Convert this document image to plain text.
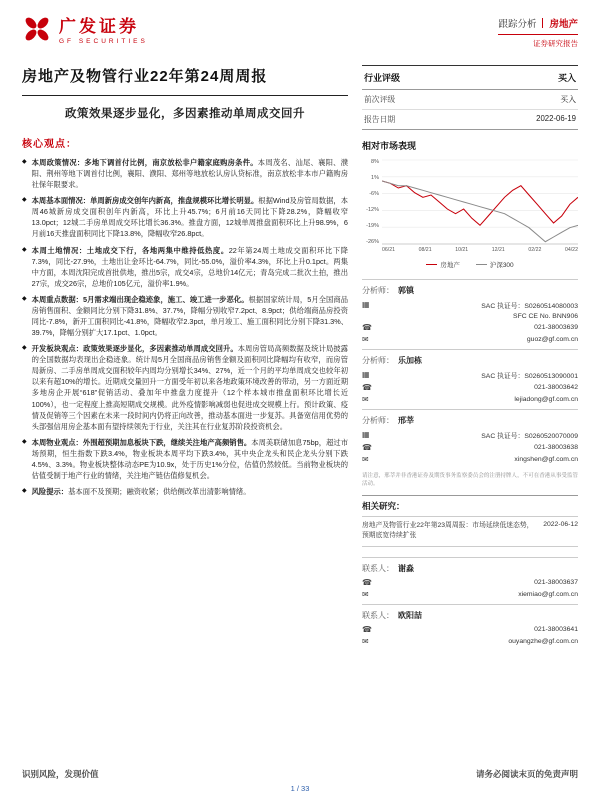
广发证券
GF SECURITIES
跟踪分析 房地产
证券研究报告
房地产及物管行业22年第24周周报
政策效果逐步显化，多因素推动单周成交回升
核心观点：
◆ 本周政策情况：多地下调首付比例，南京放松非户籍家庭购房条件。本周茂名、汕尾、襄阳、濮阳、荆州等地下调首付比例，襄阳、濮阳、郑州等地放松认房认贷标准，南京放松非本市户籍购房社保年限要求。
◆ 本周基本面情况：单周新房成交创年内新高，推盘规模环比增长明显。根据Wind及房管局数据，本周46城新房成交面积创年内新高，环比上升45.7%；6月前16天同比下降28.2%，降幅收窄13.0pct；12城二手房单周成交环比增长36.3%。推盘方面，12城单周推盘面积环比上升98.9%，6月前16天推盘面积同比下降13.8%，降幅收窄26.8pct。
◆ 本周土地情况：土地成交下行，各地两集中维持低热度。22年第24周土地成交面积环比下降7.3%，同比-27.9%，土地出让金环比-64.7%，同比-55.0%，溢价率4.3%，环比上升0.1pct。两集中方面，本周沈阳完成首批供地，推出5宗，成交4宗，总地价14亿元；青岛完成二批次土拍，推出27宗，成交26宗，总地价105亿元，溢价率1.9%。
◆ 本周重点数据：5月需求端出现企稳迹象，施工、竣工进一步恶化。根据国家统计局，5月全国商品房销售面积、金额同比分别下降31.8%、37.7%，降幅分别收窄7.2pct、8.9pct；供给端商品房投资同比-7.8%，新开工面积同比-41.8%，降幅收窄2.3pct，单月竣工、施工面积同比分别下降31.3%、39.7%，降幅分别扩大17.1pct、1.0pct。
◆ 开发板块观点：政策效果逐步显化，多因素推动单周成交回升。本周房管局高频数据及统计局披露的全国数据均表现出企稳迹象。统计局5月全国商品房销售金额及面积同比降幅均有收窄，而房管局新房、二手房单周成交面积较年内周均分别增长34%、27%，近一个月的平均单周成交也较年初以来有超10%的增长。近期成交量回升一方面受年初以来各地政策环境改善的带动，另一方面近期多地房企开展“618”促销活动、叠加年中推盘力度提升（12个样本城市推盘面积环比增长近100%），也一定程度上推高短期成交规模。此外疫情影响减弱也促进成交规模上行。预计政策、疫情及促销等三个因素在未来一段时间内仍将正向改善，推动基本面进一步复苏。具备宽信用优势的头部强信用房企基本面有望持续领先于行业，关注其在行业复苏阶段投资机会。
◆ 本周物业观点：外围超预期加息板块下跌，继续关注地产高频销售。本周美联储加息75bp，超过市场预期，恒生指数下跌3.4%，物业板块本周平均下跌3.4%，其中央企龙头和民企龙头分别下跌4.5%、3.3%。物业板块整体动态PE为10.9x，处于历史1%分位，估值仍然较低。当前物业板块的估值受制于地产行业的情绪，关注地产链估值修复机会。
◆ 风险提示：基本面不及预期；融资收紧；供给侧改革出清影响情绪。
行业评级	买入
前次评级	买入
报告日期	2022-06-19
相对市场表现
8%
1%
-6%
-12%
-19%
-26%
06/21	08/21	10/21	12/21	02/22	04/22
房地产	沪深300
分析师： 郭镇
▦	SAC 执证号：S0260514080003
SFC CE No. BNN906
☎	021-38003639
✉	guoz@gf.com.cn
分析师： 乐加栋
▦	SAC 执证号：S0260513090001
☎	021-38003642
✉	lejiadong@gf.com.cn
分析师： 邢莘
▦	SAC 执证号：S0260520070009
☎	021-38003638
✉	xingshen@gf.com.cn
请注意，邢莘并非香港证券及期货事务监察委员会的注册持牌人，不可在香港从事受监管活动。
相关研究：
房地产及物管行业22年第23周周报：市场延续低迷态势，预期底宽待续扩张
2022-06-12
联系人： 谢淼
☎	021-38003637
✉	xiemiao@gf.com.cn
联系人： 欧阳喆
☎	021-38003641
✉	ouyangzhe@gf.com.cn
识别风险，发现价值	请务必阅读末页的免责声明
1 / 33
